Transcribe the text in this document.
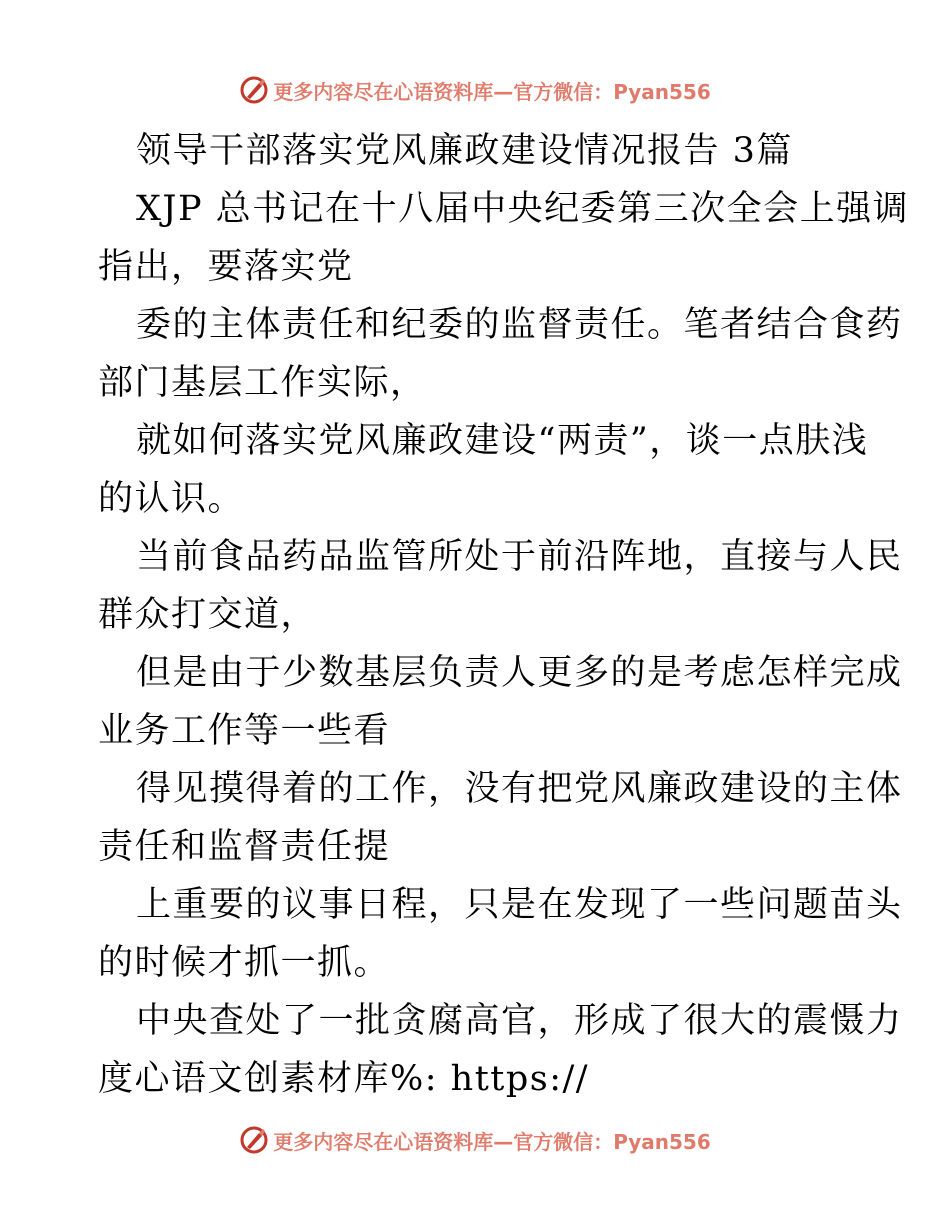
更多内容尽在心语资料库—官方微信：Pyan556
领导干部落实党风廉政建设情况报告 3篇
XJP 总书记在十八届中央纪委第三次全会上强调
指出，要落实党
委的主体责任和纪委的监督责任。笔者结合食药
部门基层工作实际，
就如何落实党风廉政建设“两责”，谈一点肤浅
的认识。
当前食品药品监管所处于前沿阵地，直接与人民
群众打交道，
但是由于少数基层负责人更多的是考虑怎样完成
业务工作等一些看
得见摸得着的工作，没有把党风廉政建设的主体
责任和监督责任提
上重要的议事日程，只是在发现了一些问题苗头
的时候才抓一抓。
中央查处了一批贪腐高官，形成了很大的震慑力
度心语文创素材库%: https://
更多内容尽在心语资料库—官方微信：Pyan556
